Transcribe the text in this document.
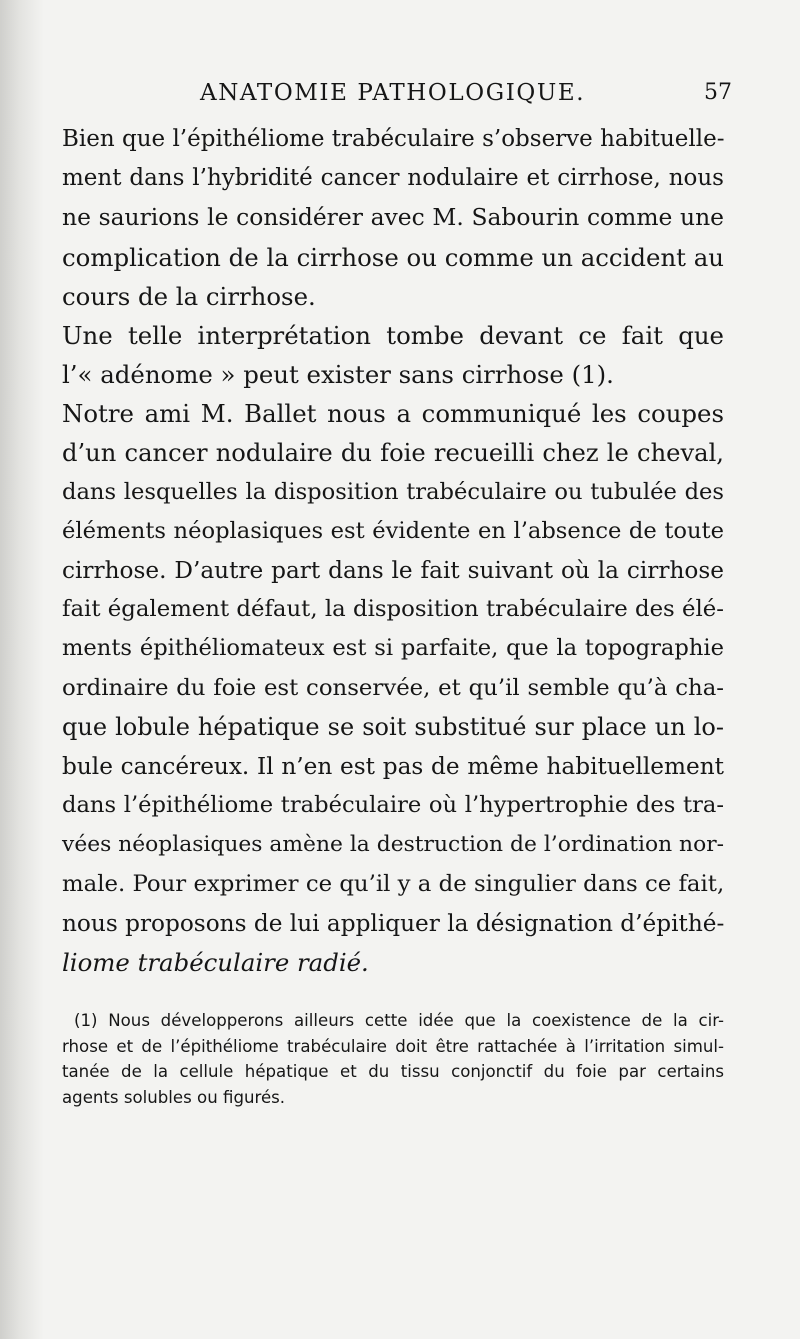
ANATOMIE PATHOLOGIQUE.	57
Bien que l’épithéliome trabéculaire s’observe habituelle-
ment dans l’hybridité cancer nodulaire et cirrhose, nous
ne saurions le considérer avec M. Sabourin comme une
complication de la cirrhose ou comme un accident au
cours de la cirrhose.
Une telle interprétation tombe devant ce fait que
l’« adénome » peut exister sans cirrhose (1).
Notre ami M. Ballet nous a communiqué les coupes
d’un cancer nodulaire du foie recueilli chez le cheval,
dans lesquelles la disposition trabéculaire ou tubulée des
éléments néoplasiques est évidente en l’absence de toute
cirrhose. D’autre part dans le fait suivant où la cirrhose
fait également défaut, la disposition trabéculaire des élé-
ments épithéliomateux est si parfaite, que la topographie
ordinaire du foie est conservée, et qu’il semble qu’à cha-
que lobule hépatique se soit substitué sur place un lo-
bule cancéreux. Il n’en est pas de même habituellement
dans l’épithéliome trabéculaire où l’hypertrophie des tra-
vées néoplasiques amène la destruction de l’ordination nor-
male. Pour exprimer ce qu’il y a de singulier dans ce fait,
nous proposons de lui appliquer la désignation d’épithé-
liome trabéculaire radié.
(1) Nous développerons ailleurs cette idée que la coexistence de la cir-
rhose et de l’épithéliome trabéculaire doit être rattachée à l’irritation simul-
tanée de la cellule hépatique et du tissu conjonctif du foie par certains
agents solubles ou figurés.
